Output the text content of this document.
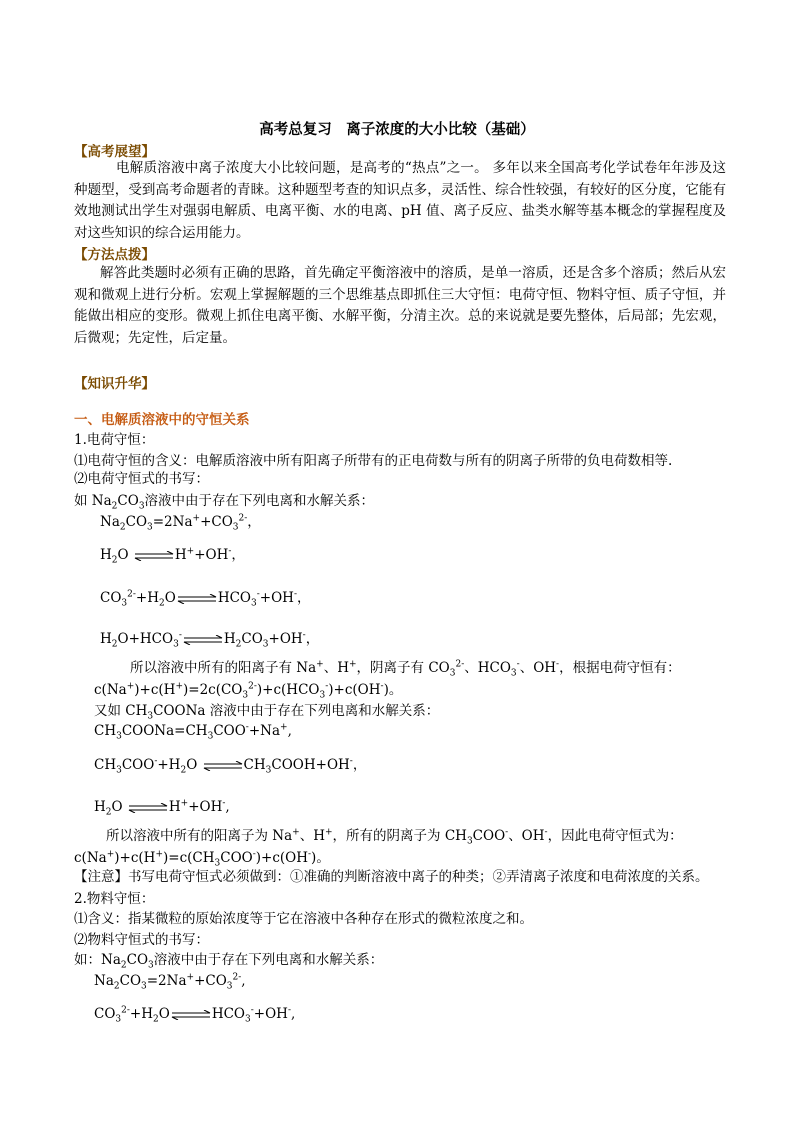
高考总复习　离子浓度的大小比较（基础）
【高考展望】
电解质溶液中离子浓度大小比较问题，是高考的“热点”之一。 多年以来全国高考化学试卷年年涉及这种题型，受到高考命题者的青睐。这种题型考查的知识点多，灵活性、综合性较强，有较好的区分度，它能有效地测试出学生对强弱电解质、电离平衡、水的电离、pH 值、离子反应、盐类水解等基本概念的掌握程度及对这些知识的综合运用能力。
【方法点拨】
解答此类题时必须有正确的思路，首先确定平衡溶液中的溶质，是单一溶质，还是含多个溶质；然后从宏观和微观上进行分析。宏观上掌握解题的三个思维基点即抓住三大守恒：电荷守恒、物料守恒、质子守恒，并能做出相应的变形。微观上抓住电离平衡、水解平衡，分清主次。总的来说就是要先整体，后局部；先宏观，后微观；先定性，后定量。
【知识升华】
一、电解质溶液中的守恒关系
1.电荷守恒：
⑴电荷守恒的含义：电解质溶液中所有阳离子所带有的正电荷数与所有的阴离子所带的负电荷数相等.
⑵电荷守恒式的书写：
如 $Na_2CO_3$溶液中由于存在下列电离和水解关系：
$Na_2CO_3=2Na^++CO_3^{2-}$，
$H_2O$ ⇌H++OH-，
$CO_3^{2-}+H_2O\rightleftharpoons HCO_3^-+OH^-$，
$H_2O+HCO_3^-\rightleftharpoons H_2CO_3+OH^-$，
所以溶液中所有的阳离子有 Na+、H+，阴离子有 $CO_3^{2-}$、$HCO_3^-$、OH-，根据电荷守恒有：
$c(Na^+)+c(H^+)=2c(CO_3^{2-})+c(HCO_3^-)+c(OH^-)$。
又如 $CH_3COONa$ 溶液中由于存在下列电离和水解关系：
$CH_3COONa=CH_3COO^-+Na^+$,
$CH_3COO^-+H_2O$ $\rightleftharpoons CH_3COOH+OH^-$，
$H_2O$ ⇌H++OH-,
所以溶液中所有的阳离子为 Na+、H+，所有的阴离子为 $CH_3COO^-$、OH-，因此电荷守恒式为：
$c(Na^+)+c(H^+)=c(CH_3COO^-)+c(OH^-)$。
【注意】书写电荷守恒式必须做到：①准确的判断溶液中离子的种类；②弄清离子浓度和电荷浓度的关系。
2.物料守恒：
⑴含义：指某微粒的原始浓度等于它在溶液中各种存在形式的微粒浓度之和。
⑵物料守恒式的书写：
如：$Na_2CO_3$溶液中由于存在下列电离和水解关系：
$Na_2CO_3=2Na^++CO_3^{2-}$,
$CO_3^{2-}+H_2O\rightleftharpoons HCO_3^-+OH^-$,
